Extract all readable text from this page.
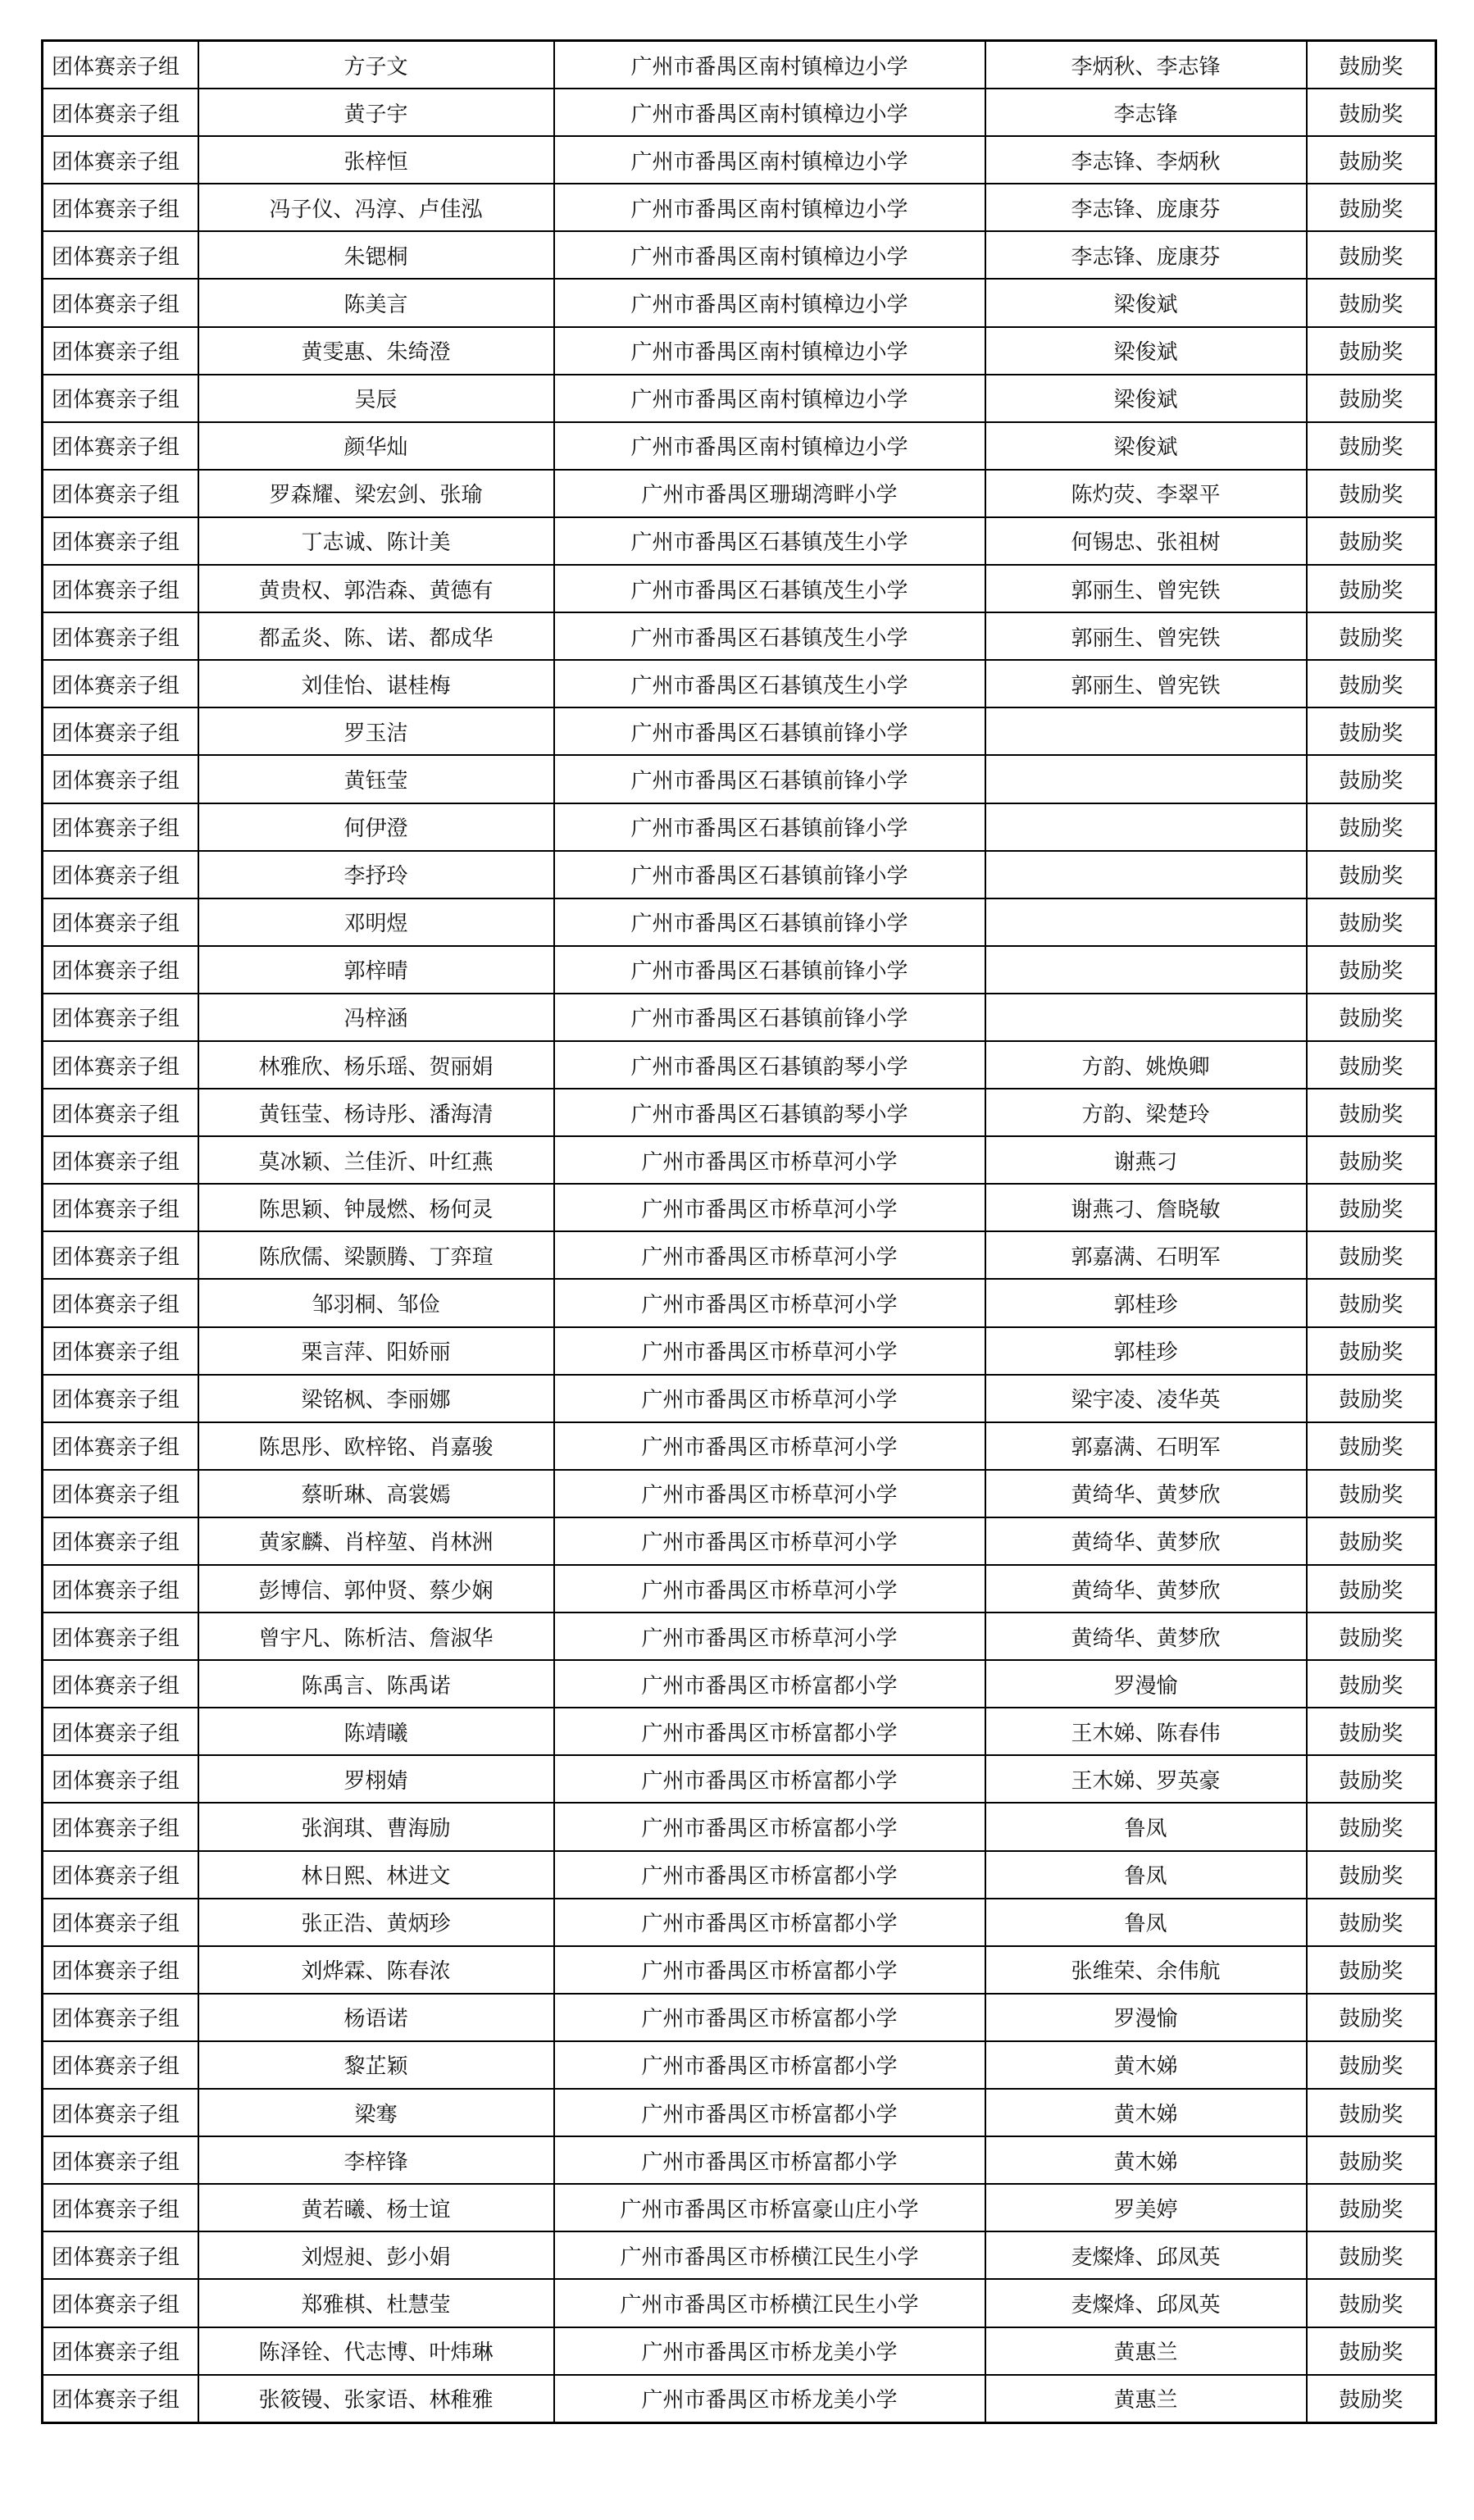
团体赛亲子组	方子文	广州市番禺区南村镇樟边小学	李炳秋、李志锋	鼓励奖
团体赛亲子组	黄子宇	广州市番禺区南村镇樟边小学	李志锋	鼓励奖
团体赛亲子组	张梓恒	广州市番禺区南村镇樟边小学	李志锋、李炳秋	鼓励奖
团体赛亲子组	冯子仪、冯淳、卢佳泓	广州市番禺区南村镇樟边小学	李志锋、庞康芬	鼓励奖
团体赛亲子组	朱锶桐	广州市番禺区南村镇樟边小学	李志锋、庞康芬	鼓励奖
团体赛亲子组	陈美言	广州市番禺区南村镇樟边小学	梁俊斌	鼓励奖
团体赛亲子组	黄雯惠、朱绮澄	广州市番禺区南村镇樟边小学	梁俊斌	鼓励奖
团体赛亲子组	吴辰	广州市番禺区南村镇樟边小学	梁俊斌	鼓励奖
团体赛亲子组	颜华灿	广州市番禺区南村镇樟边小学	梁俊斌	鼓励奖
团体赛亲子组	罗森耀、梁宏剑、张瑜	广州市番禺区珊瑚湾畔小学	陈灼荧、李翠平	鼓励奖
团体赛亲子组	丁志诚、陈计美	广州市番禺区石碁镇茂生小学	何锡忠、张祖树	鼓励奖
团体赛亲子组	黄贵权、郭浩森、黄德有	广州市番禺区石碁镇茂生小学	郭丽生、曾宪铁	鼓励奖
团体赛亲子组	都孟炎、陈、诺、都成华	广州市番禺区石碁镇茂生小学	郭丽生、曾宪铁	鼓励奖
团体赛亲子组	刘佳怡、谌桂梅	广州市番禺区石碁镇茂生小学	郭丽生、曾宪铁	鼓励奖
团体赛亲子组	罗玉洁	广州市番禺区石碁镇前锋小学		鼓励奖
团体赛亲子组	黄钰莹	广州市番禺区石碁镇前锋小学		鼓励奖
团体赛亲子组	何伊澄	广州市番禺区石碁镇前锋小学		鼓励奖
团体赛亲子组	李抒玲	广州市番禺区石碁镇前锋小学		鼓励奖
团体赛亲子组	邓明煜	广州市番禺区石碁镇前锋小学		鼓励奖
团体赛亲子组	郭梓晴	广州市番禺区石碁镇前锋小学		鼓励奖
团体赛亲子组	冯梓涵	广州市番禺区石碁镇前锋小学		鼓励奖
团体赛亲子组	林雅欣、杨乐瑶、贺丽娟	广州市番禺区石碁镇韵琴小学	方韵、姚焕卿	鼓励奖
团体赛亲子组	黄钰莹、杨诗彤、潘海清	广州市番禺区石碁镇韵琴小学	方韵、梁楚玲	鼓励奖
团体赛亲子组	莫冰颖、兰佳沂、叶红燕	广州市番禺区市桥草河小学	谢燕刁	鼓励奖
团体赛亲子组	陈思颖、钟晟燃、杨何灵	广州市番禺区市桥草河小学	谢燕刁、詹晓敏	鼓励奖
团体赛亲子组	陈欣儒、梁颢腾、丁弈瑄	广州市番禺区市桥草河小学	郭嘉满、石明军	鼓励奖
团体赛亲子组	邹羽桐、邹俭	广州市番禺区市桥草河小学	郭桂珍	鼓励奖
团体赛亲子组	栗言萍、阳娇丽	广州市番禺区市桥草河小学	郭桂珍	鼓励奖
团体赛亲子组	梁铭枫、李丽娜	广州市番禺区市桥草河小学	梁宇凌、凌华英	鼓励奖
团体赛亲子组	陈思彤、欧梓铭、肖嘉骏	广州市番禺区市桥草河小学	郭嘉满、石明军	鼓励奖
团体赛亲子组	蔡昕琳、高裳嫣	广州市番禺区市桥草河小学	黄绮华、黄梦欣	鼓励奖
团体赛亲子组	黄家麟、肖梓堃、肖林洲	广州市番禺区市桥草河小学	黄绮华、黄梦欣	鼓励奖
团体赛亲子组	彭博信、郭仲贤、蔡少娴	广州市番禺区市桥草河小学	黄绮华、黄梦欣	鼓励奖
团体赛亲子组	曾宇凡、陈析洁、詹淑华	广州市番禺区市桥草河小学	黄绮华、黄梦欣	鼓励奖
团体赛亲子组	陈禹言、陈禹诺	广州市番禺区市桥富都小学	罗漫愉	鼓励奖
团体赛亲子组	陈靖曦	广州市番禺区市桥富都小学	王木娣、陈春伟	鼓励奖
团体赛亲子组	罗栩婧	广州市番禺区市桥富都小学	王木娣、罗英豪	鼓励奖
团体赛亲子组	张润琪、曹海励	广州市番禺区市桥富都小学	鲁凤	鼓励奖
团体赛亲子组	林日熙、林进文	广州市番禺区市桥富都小学	鲁凤	鼓励奖
团体赛亲子组	张正浩、黄炳珍	广州市番禺区市桥富都小学	鲁凤	鼓励奖
团体赛亲子组	刘烨霖、陈春浓	广州市番禺区市桥富都小学	张维荣、余伟航	鼓励奖
团体赛亲子组	杨语诺	广州市番禺区市桥富都小学	罗漫愉	鼓励奖
团体赛亲子组	黎芷颖	广州市番禺区市桥富都小学	黄木娣	鼓励奖
团体赛亲子组	梁骞	广州市番禺区市桥富都小学	黄木娣	鼓励奖
团体赛亲子组	李梓锋	广州市番禺区市桥富都小学	黄木娣	鼓励奖
团体赛亲子组	黄若曦、杨士谊	广州市番禺区市桥富豪山庄小学	罗美婷	鼓励奖
团体赛亲子组	刘煜昶、彭小娟	广州市番禺区市桥横江民生小学	麦燦烽、邱凤英	鼓励奖
团体赛亲子组	郑雅棋、杜慧莹	广州市番禺区市桥横江民生小学	麦燦烽、邱凤英	鼓励奖
团体赛亲子组	陈泽铨、代志博、叶炜琳	广州市番禺区市桥龙美小学	黄惠兰	鼓励奖
团体赛亲子组	张筱镘、张家语、林稚雅	广州市番禺区市桥龙美小学	黄惠兰	鼓励奖
